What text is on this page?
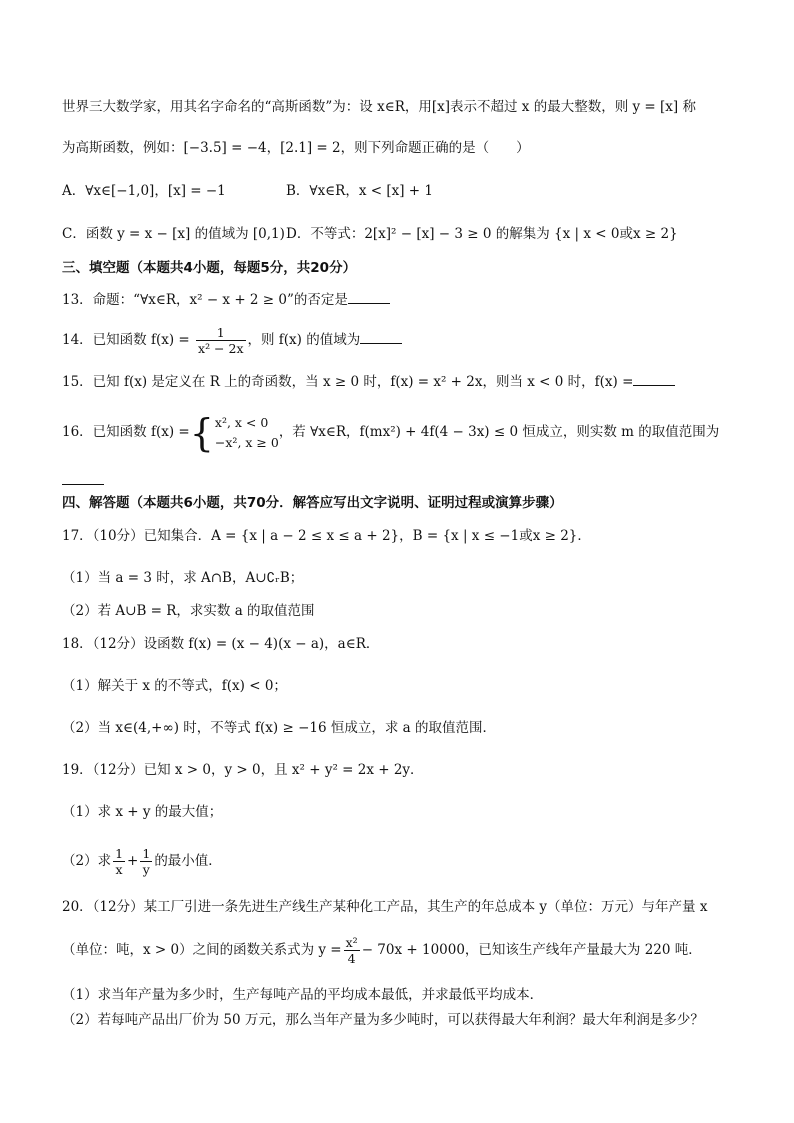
世界三大数学家，用其名字命名的“高斯函数”为：设 x∈R，用[x]表示不超过 x 的最大整数，则 y = [x] 称
为高斯函数，例如：[−3.5] = −4，[2.1] = 2，则下列命题正确的是（　　）
A．∀x∈[−1,0]，[x] = −1	B．∀x∈R，x < [x] + 1
C．函数 y = x − [x] 的值域为 [0,1) D．不等式：2[x]² − [x] − 3 ≥ 0 的解集为 {x | x < 0或x ≥ 2}
三、填空题（本题共4小题，每题5分，共20分）
13．命题：“∀x∈R，x² − x + 2 ≥ 0”的否定是
14．已知函数 $f(x) = \frac{1}{\text{x² − 2x}}$ ，则 f(x) 的值域为
15．已知 f(x) 是定义在 R 上的奇函数，当 x ≥ 0 时，f(x) = x² + 2x，则当 x < 0 时，f(x) =
16．已知函数 f(x) ={ x², x < 0
−x², x ≥ 0
，若 ∀x∈R，f(mx²) + 4f(4 − 3x) ≤ 0 恒成立，则实数 m 的取值范围为
四、解答题（本题共6小题，共70分．解答应写出文字说明、证明过程或演算步骤）
17．（10分）已知集合．A = {x | a − 2 ≤ x ≤ a + 2}，B = {x | x ≤ −1或x ≥ 2}．
（1）当 a = 3 时，求 A∩B，A∪∁ᵣB；
（2）若 A∪B = R，求实数 a 的取值范围
18．（12分）设函数 f(x) = (x − 4)(x − a)，a∈R．
（1）解关于 x 的不等式，f(x) < 0；
（2）当 x∈(4,+∞) 时，不等式 f(x) ≥ −16 恒成立，求 a 的取值范围．
19．（12分）已知 x > 0，y > 0，且 x² + y² = 2x + 2y．
（1）求 x + y 的最大值；
（2）求 $\frac{1}{x} + \frac{1}{y}$ 的最小值．
20．（12分）某工厂引进一条先进生产线生产某种化工产品，其生产的年总成本 y（单位：万元）与年产量 x
（单位：吨，x > 0）之间的函数关系式为 $y = \frac{\text{x²}}{4} - 70x + 10000$，已知该生产线年产量最大为 220 吨．
（1）求当年产量为多少时，生产每吨产品的平均成本最低，并求最低平均成本．
（2）若每吨产品出厂价为 50 万元，那么当年产量为多少吨时，可以获得最大年利润？最大年利润是多少？
